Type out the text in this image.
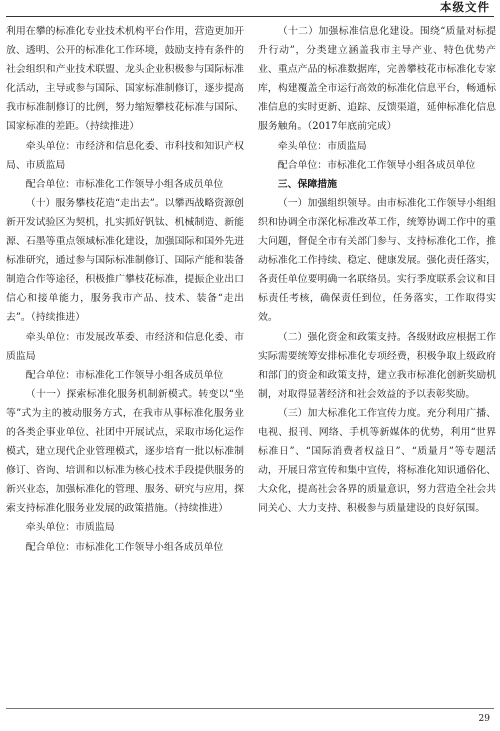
本级文件

利用在攀的标准化专业技术机构平台作用，营造更加开放、透明、公开的标准化工作环境，鼓励支持有条件的社会组织和产业技术联盟、龙头企业积极参与国际标准化活动，主导或参与国际、国家标准制修订，逐步提高我市标准制修订的比例，努力缩短攀枝花标准与国际、国家标准的差距。（持续推进）

牵头单位：市经济和信息化委、市科技和知识产权局、市质监局

配合单位：市标准化工作领导小组各成员单位

（十）服务攀枝花造“走出去”。以攀西战略资源创新开发试验区为契机，扎实抓好钒钛、机械制造、新能源、石墨等重点领域标准化建设，加强国际和国外先进标准研究，通过参与国际标准制修订、国际产能和装备制造合作等途径，积极推广攀枝花标准，提振企业出口信心和接单能力，服务我市产品、技术、装备“走出去”。（持续推进）

牵头单位：市发展改革委、市经济和信息化委、市质监局

配合单位：市标准化工作领导小组各成员单位

（十一）探索标准化服务机制新模式。转变以“坐等”式为主的被动服务方式，在我市从事标准化服务业的各类企事业单位、社团中开展试点，采取市场化运作模式，建立现代企业管理模式，逐步培育一批以标准制修订、咨询、培训和以标准为核心技术手段提供服务的新兴业态，加强标准化的管理、服务、研究与应用，探索支持标准化服务业发展的政策措施。（持续推进）

牵头单位：市质监局

配合单位：市标准化工作领导小组各成员单位

（十二）加强标准信息化建设。围绕“质量对标提升行动”，分类建立涵盖我市主导产业、特色优势产业、重点产品的标准数据库，完善攀枝花市标准化专家库，构建覆盖全市运行高效的标准化信息平台，畅通标准信息的实时更新、追踪、反馈渠道，延伸标准化信息服务触角。（2017年底前完成）

牵头单位：市质监局

配合单位：市标准化工作领导小组各成员单位

三、保障措施

（一）加强组织领导。由市标准化工作领导小组组织和协调全市深化标准改革工作，统筹协调工作中的重大问题，督促全市有关部门参与、支持标准化工作，推动标准化工作持续、稳定、健康发展。强化责任落实，各责任单位要明确一名联络员。实行季度联系会议和目标责任考核，确保责任到位，任务落实，工作取得实效。

（二）强化资金和政策支持。各级财政应根据工作实际需要统筹安排标准化专项经费，积极争取上级政府和部门的资金和政策支持，建立我市标准化创新奖励机制，对取得显著经济和社会效益的予以表彰奖励。

（三）加大标准化工作宣传力度。充分利用广播、电视、报刊、网络、手机等新媒体的优势，利用“世界标准日”、“国际消费者权益日”、“质量月”等专题活动，开展日常宣传和集中宣传，将标准化知识通俗化、大众化，提高社会各界的质量意识，努力营造全社会共同关心、大力支持、积极参与质量建设的良好氛围。

29
